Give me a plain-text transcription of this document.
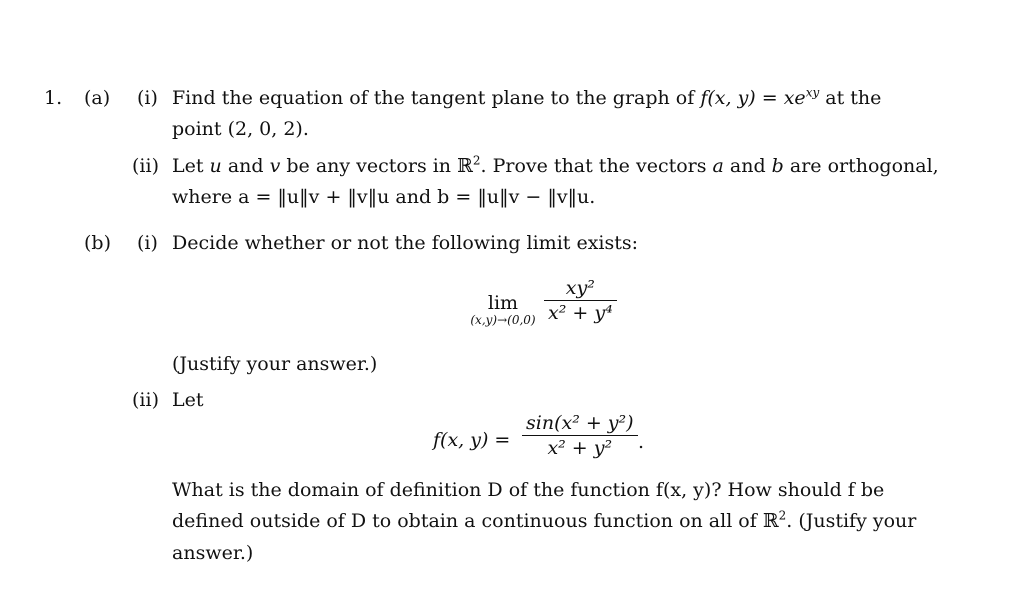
1. (a) (i) Find the equation of the tangent plane to the graph of f(x, $y) = xe^{xy}$ at the
point (2, 0, 2).
(ii) Let u and v be any vectors in ℝ$^2$. Prove that the vectors a and b are orthogonal,
where a = ‖u‖v + ‖v‖u and b = ‖u‖v − ‖v‖u.
(b) (i) Decide whether or not the following limit exists:
lim
$(x,y)\to(0,0) \frac{\text{xy²}}{\text{x² + y⁴}}$
(Justify your answer.)
(ii) Let
f(x, $y) = \frac{\text{sin(x² + y²)}}{\text{x² + y²}}$ .
What is the domain of definition D of the function f(x, y)? How should f be
defined outside of D to obtain a continuous function on all of ℝ$^2$. (Justify your
answer.)
